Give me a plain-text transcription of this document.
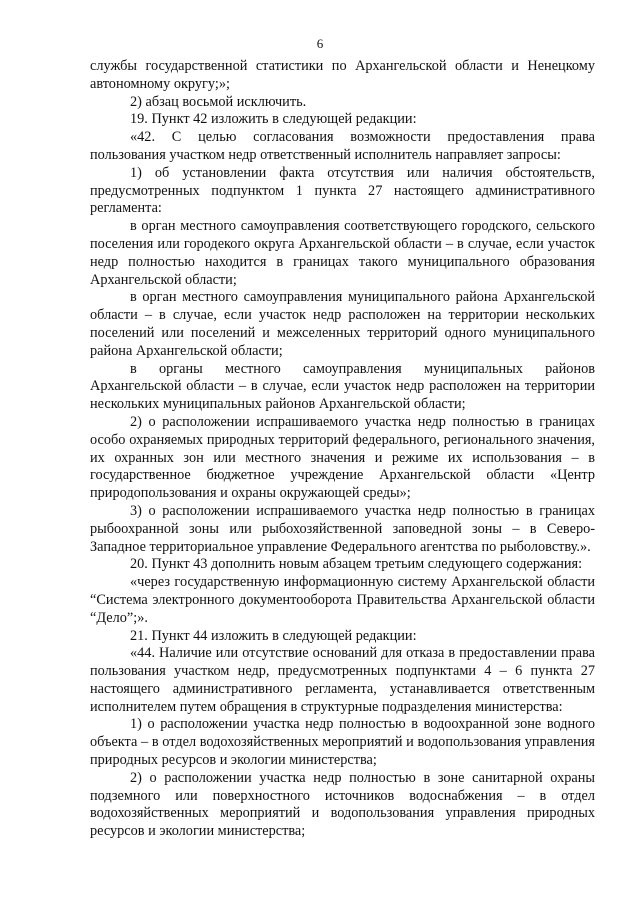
6

службы государственной статистики по Архангельской области и Ненецкому автономному округу;»;

2) абзац восьмой исключить.

19. Пункт 42 изложить в следующей редакции:

«42. С целью согласования возможности предоставления права пользования участком недр ответственный исполнитель направляет запросы:

1) об установлении факта отсутствия или наличия обстоятельств, предусмотренных подпунктом 1 пункта 27 настоящего административного регламента:

в орган местного самоуправления соответствующего городского, сельского поселения или городекого округа Архангельской области – в случае, если участок недр полностью находится в границах такого муниципального образования Архангельской области;

в орган местного самоуправления муниципального района Архангельской области – в случае, если участок недр расположен на территории нескольких поселений или поселений и межселенных территорий одного муниципального района Архангельской области;

в органы местного самоуправления муниципальных районов Архангельской области – в случае, если участок недр расположен на территории нескольких муниципальных районов Архангельской области;

2) о расположении испрашиваемого участка недр полностью в границах особо охраняемых природных территорий федерального, регионального значения, их охранных зон или местного значения и режиме их использования – в государственное бюджетное учреждение Архангельской области «Центр природопользования и охраны окружающей среды»;

3) о расположении испрашиваемого участка недр полностью в границах рыбоохранной зоны или рыбохозяйственной заповедной зоны – в Северо-Западное территориальное управление Федерального агентства по рыболовству.».

20. Пункт 43 дополнить новым абзацем третьим следующего содержания:

«через государственную информационную систему Архангельской области “Система электронного документооборота Правительства Архангельской области “Дело”;».

21. Пункт 44 изложить в следующей редакции:

«44. Наличие или отсутствие оснований для отказа в предоставлении права пользования участком недр, предусмотренных подпунктами 4 – 6 пункта 27 настоящего административного регламента, устанавливается ответственным исполнителем путем обращения в структурные подразделения министерства:

1) о расположении участка недр полностью в водоохранной зоне водного объекта – в отдел водохозяйственных мероприятий и водопользования управления природных ресурсов и экологии министерства;

2) о расположении участка недр полностью в зоне санитарной охраны подземного или поверхностного источников водоснабжения – в отдел водохозяйственных мероприятий и водопользования управления природных ресурсов и экологии министерства;
